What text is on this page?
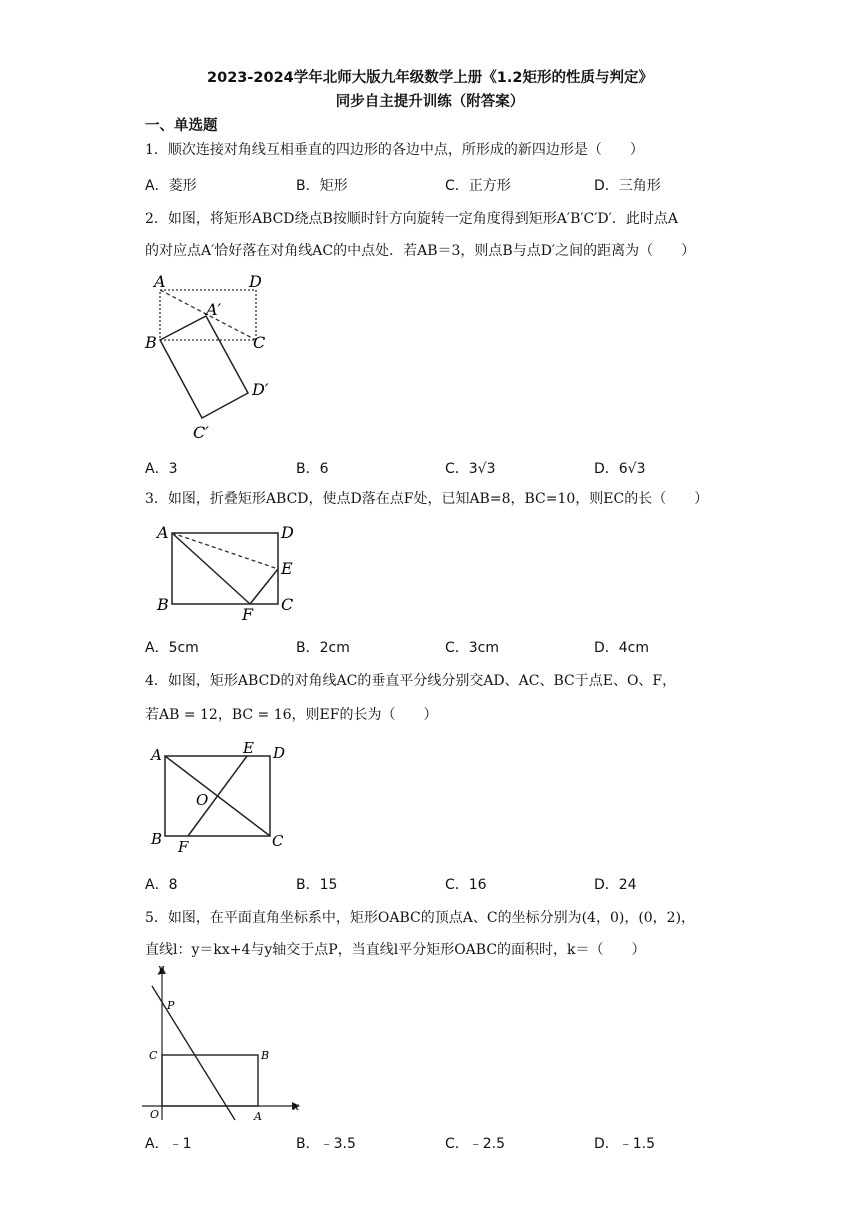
2023-2024学年北师大版九年级数学上册《1.2矩形的性质与判定》
同步自主提升训练（附答案）
一、单选题
1．顺次连接对角线互相垂直的四边形的各边中点，所形成的新四边形是（　　）
A．菱形	B．矩形	C．正方形	D．三角形
2．如图，将矩形ABCD绕点B按顺时针方向旋转一定角度得到矩形A′B′C′D′．此时点A
的对应点A′恰好落在对角线AC的中点处．若AB＝3，则点B与点D′之间的距离为（　　）
A	D
A′
B	C
D′
C′
A．3	B．6	C．3√3	D．6√3
3．如图，折叠矩形ABCD，使点D落在点F处，已知AB=8，BC=10，则EC的长（　　）
A	D
E
B
F
C
A．5cm	B．2cm	C．3cm	D．4cm
4．如图，矩形ABCD的对角线AC的垂直平分线分别交AD、AC、BC于点E、O、F，
若AB = 12，BC = 16，则EF的长为（　　）
A	E D
O
B F	C
A．8	B．15	C．16	D．24
5．如图，在平面直角坐标系中，矩形OABC的顶点A、C的坐标分别为(4，0)，(0，2)，
直线l：y＝kx+4与y轴交于点P，当直线l平分矩形OABC的面积时，k＝（　　）
y
P
C	B
O	A
x
A．﹣1	B．﹣3.5	C．﹣2.5	D．﹣1.5
